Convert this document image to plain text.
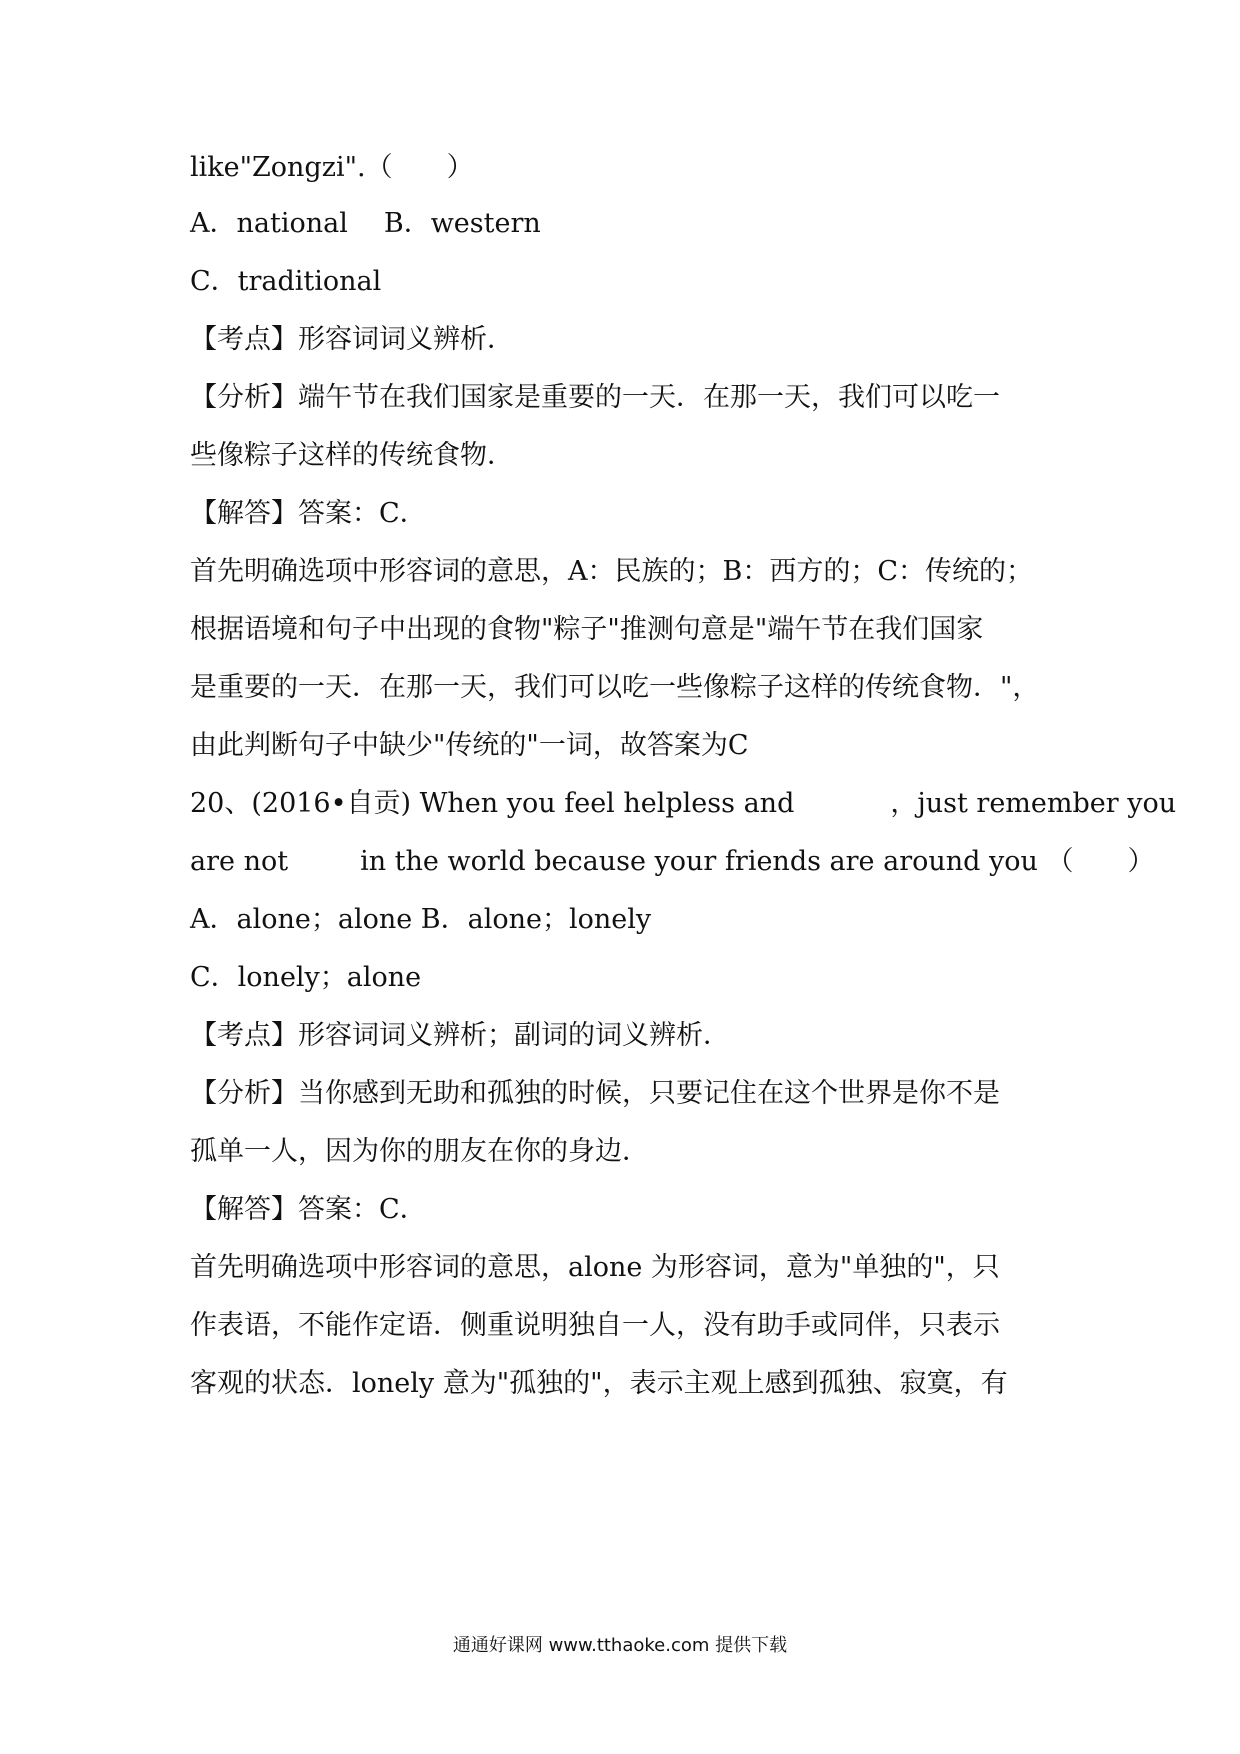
like"Zongzi".（　　）
A．national B．western
C．traditional
【考点】形容词词义辨析．
【分析】端午节在我们国家是重要的一天．在那一天，我们可以吃一
些像粽子这样的传统食物．
【解答】答案：C．
首先明确选项中形容词的意思，A：民族的；B：西方的；C：传统的；
根据语境和句子中出现的食物"粽子"推测句意是"端午节在我们国家
是重要的一天．在那一天，我们可以吃一些像粽子这样的传统食物．"，
由此判断句子中缺少"传统的"一词，故答案为C
20、(2016•自贡) When you feel helpless and	，just remember you
are not	in the world because your friends are around you （　　）
A．alone；alone B．alone；lonely
C．lonely；alone
【考点】形容词词义辨析；副词的词义辨析．
【分析】当你感到无助和孤独的时候，只要记住在这个世界是你不是
孤单一人，因为你的朋友在你的身边．
【解答】答案：C．
首先明确选项中形容词的意思，alone 为形容词，意为"单独的"，只
作表语，不能作定语．侧重说明独自一人，没有助手或同伴，只表示
客观的状态．lonely 意为"孤独的"，表示主观上感到孤独、寂寞，有
通通好课网 www.tthaoke.com 提供下载
